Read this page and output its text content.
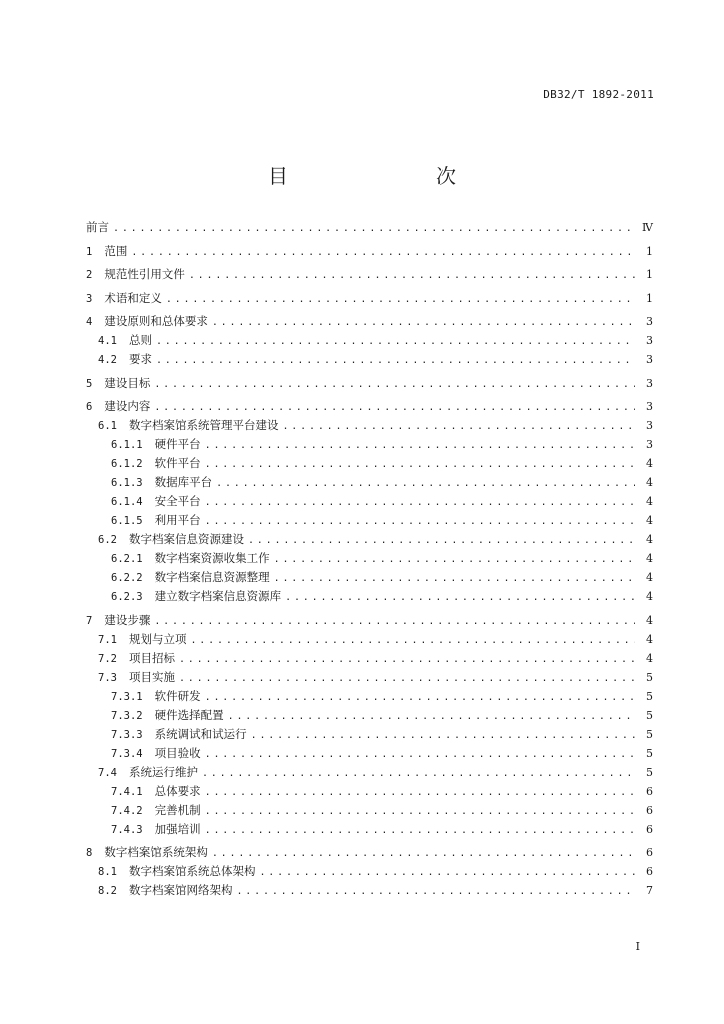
DB32/T 1892-2011
目　　次
前言 . . .	Ⅳ
1 范围 . . .	1
2 规范性引用文件 . . .	1
3 术语和定义 . . .	1
4 建设原则和总体要求 . . .	3
4.1 总则 . . .	3
4.2 要求 . . .	3
5 建设目标 . . .	3
6 建设内容 . . .	3
6.1 数字档案馆系统管理平台建设 . . .	3
6.1.1 硬件平台 . . .	3
6.1.2 软件平台 . . .	4
6.1.3 数据库平台 . . .	4
6.1.4 安全平台 . . .	4
6.1.5 利用平台 . . .	4
6.2 数字档案信息资源建设 . . .	4
6.2.1 数字档案资源收集工作 . . .	4
6.2.2 数字档案信息资源整理 . . .	4
6.2.3 建立数字档案信息资源库 . . .	4
7 建设步骤 . . .	4
7.1 规划与立项 . . .	4
7.2 项目招标 . . .	4
7.3 项目实施 . . .	5
7.3.1 软件研发 . . .	5
7.3.2 硬件选择配置 . . .	5
7.3.3 系统调试和试运行 . . .	5
7.3.4 项目验收 . . .	5
7.4 系统运行维护 . . .	5
7.4.1 总体要求 . . .	6
7.4.2 完善机制 . . .	6
7.4.3 加强培训 . . .	6
8 数字档案馆系统架构 . . .	6
8.1 数字档案馆系统总体架构 . . .	6
8.2 数字档案馆网络架构 . . .	7
I
